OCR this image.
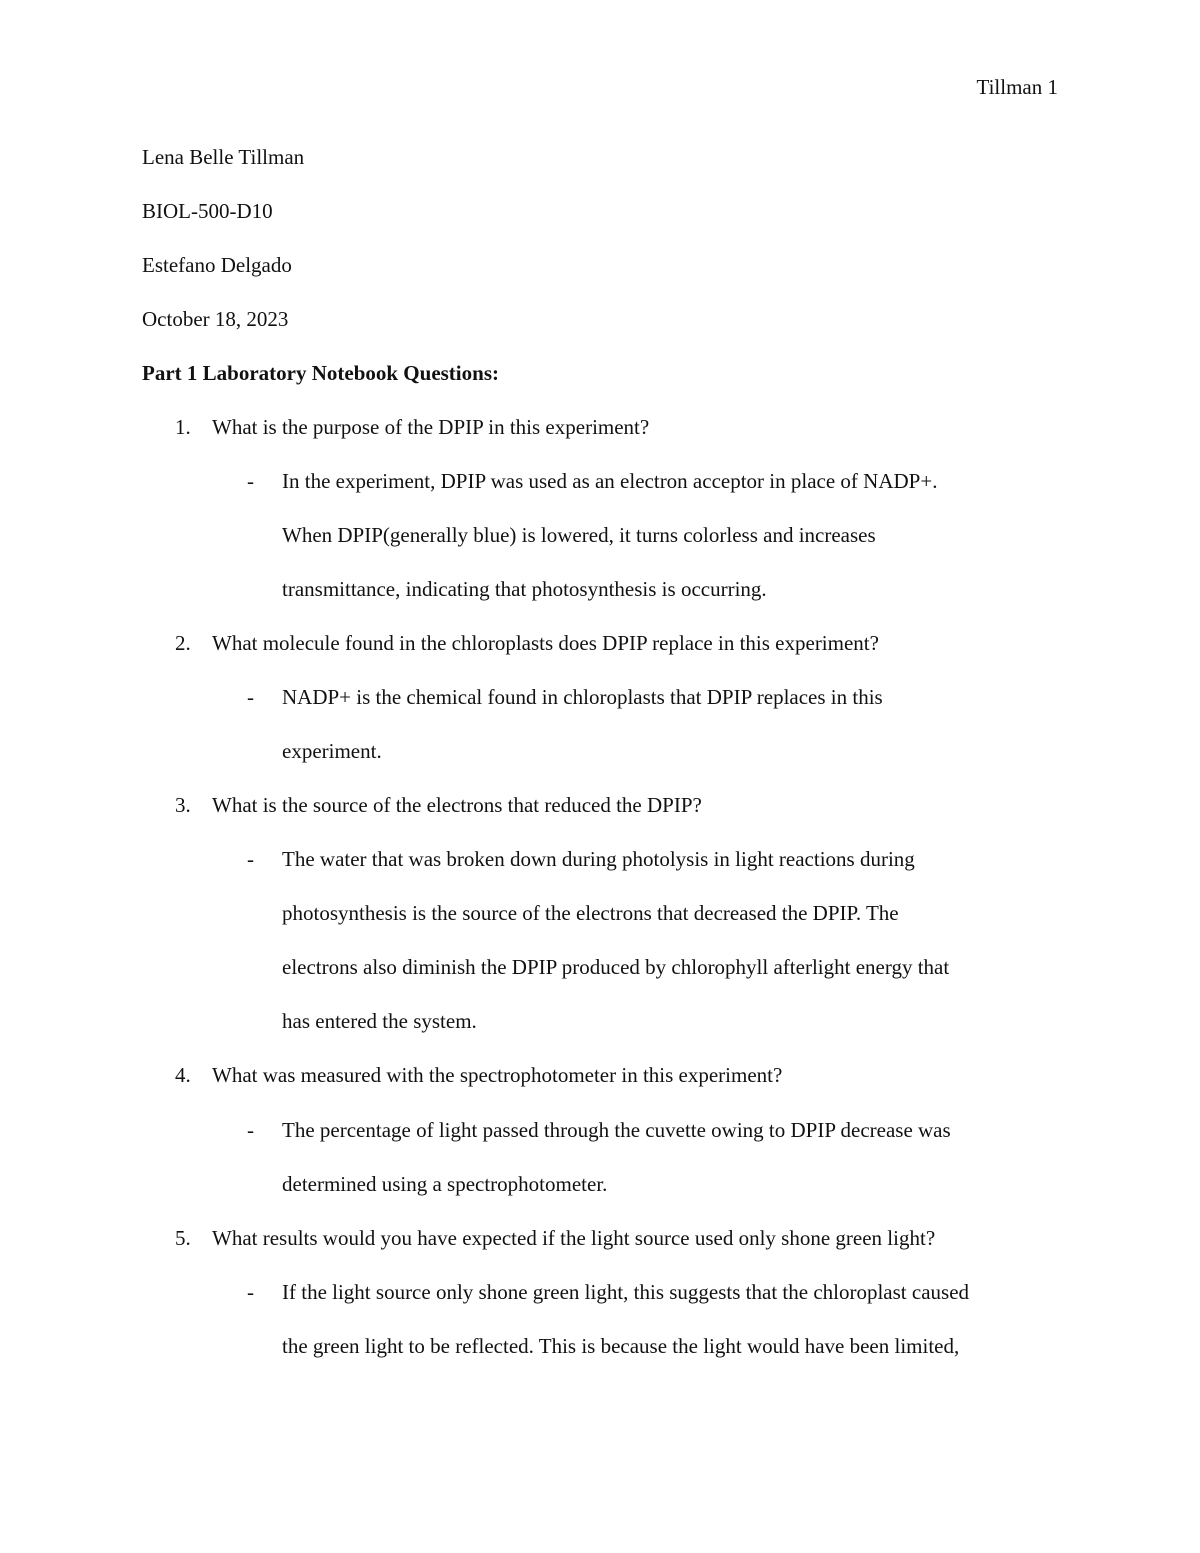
Tillman 1
Lena Belle Tillman
BIOL-500-D10
Estefano Delgado
October 18, 2023
Part 1 Laboratory Notebook Questions:
1. What is the purpose of the DPIP in this experiment?
- In the experiment, DPIP was used as an electron acceptor in place of NADP+.
When DPIP(generally blue) is lowered, it turns colorless and increases
transmittance, indicating that photosynthesis is occurring.
2. What molecule found in the chloroplasts does DPIP replace in this experiment?
- NADP+ is the chemical found in chloroplasts that DPIP replaces in this
experiment.
3. What is the source of the electrons that reduced the DPIP?
- The water that was broken down during photolysis in light reactions during
photosynthesis is the source of the electrons that decreased the DPIP. The
electrons also diminish the DPIP produced by chlorophyll afterlight energy that
has entered the system.
4. What was measured with the spectrophotometer in this experiment?
- The percentage of light passed through the cuvette owing to DPIP decrease was
determined using a spectrophotometer.
5. What results would you have expected if the light source used only shone green light?
- If the light source only shone green light, this suggests that the chloroplast caused
the green light to be reflected. This is because the light would have been limited,
